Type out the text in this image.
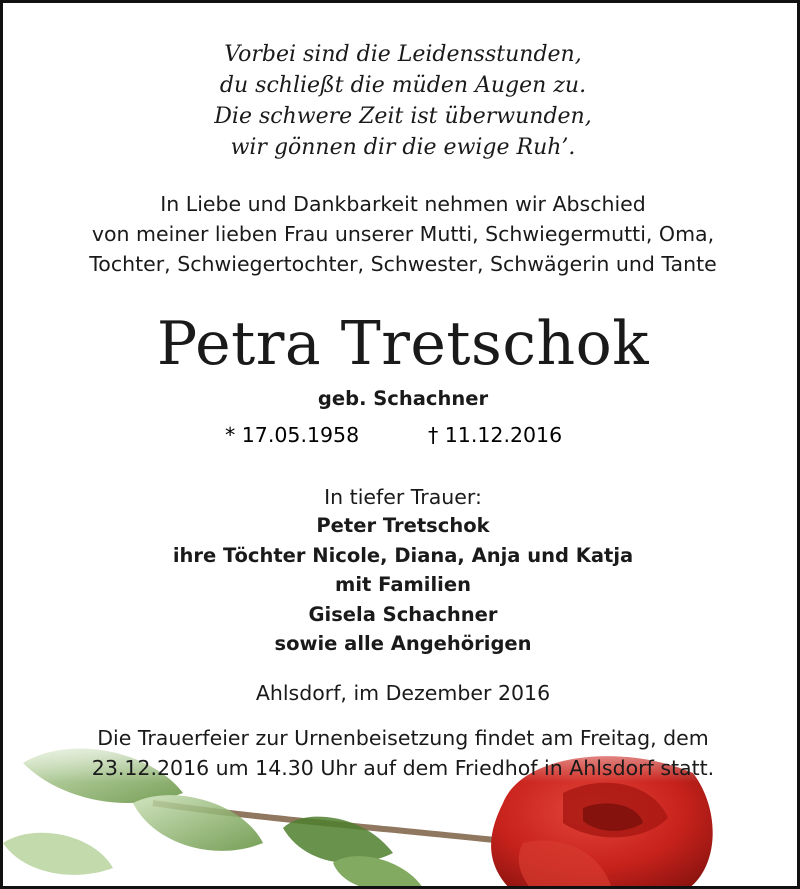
Vorbei sind die Leidensstunden,
du schließt die müden Augen zu.
Die schwere Zeit ist überwunden,
wir gönnen dir die ewige Ruh’.
In Liebe und Dankbarkeit nehmen wir Abschied
von meiner lieben Frau unserer Mutti, Schwiegermutti, Oma,
Tochter, Schwiegertochter, Schwester, Schwägerin und Tante
Petra Tretschok
geb. Schachner
* 17.05.1958	† 11.12.2016
In tiefer Trauer:
Peter Tretschok
ihre Töchter Nicole, Diana, Anja und Katja
mit Familien
Gisela Schachner
sowie alle Angehörigen
Ahlsdorf, im Dezember 2016
Die Trauerfeier zur Urnenbeisetzung findet am Freitag, dem
23.12.2016 um 14.30 Uhr auf dem Friedhof in Ahlsdorf statt.
